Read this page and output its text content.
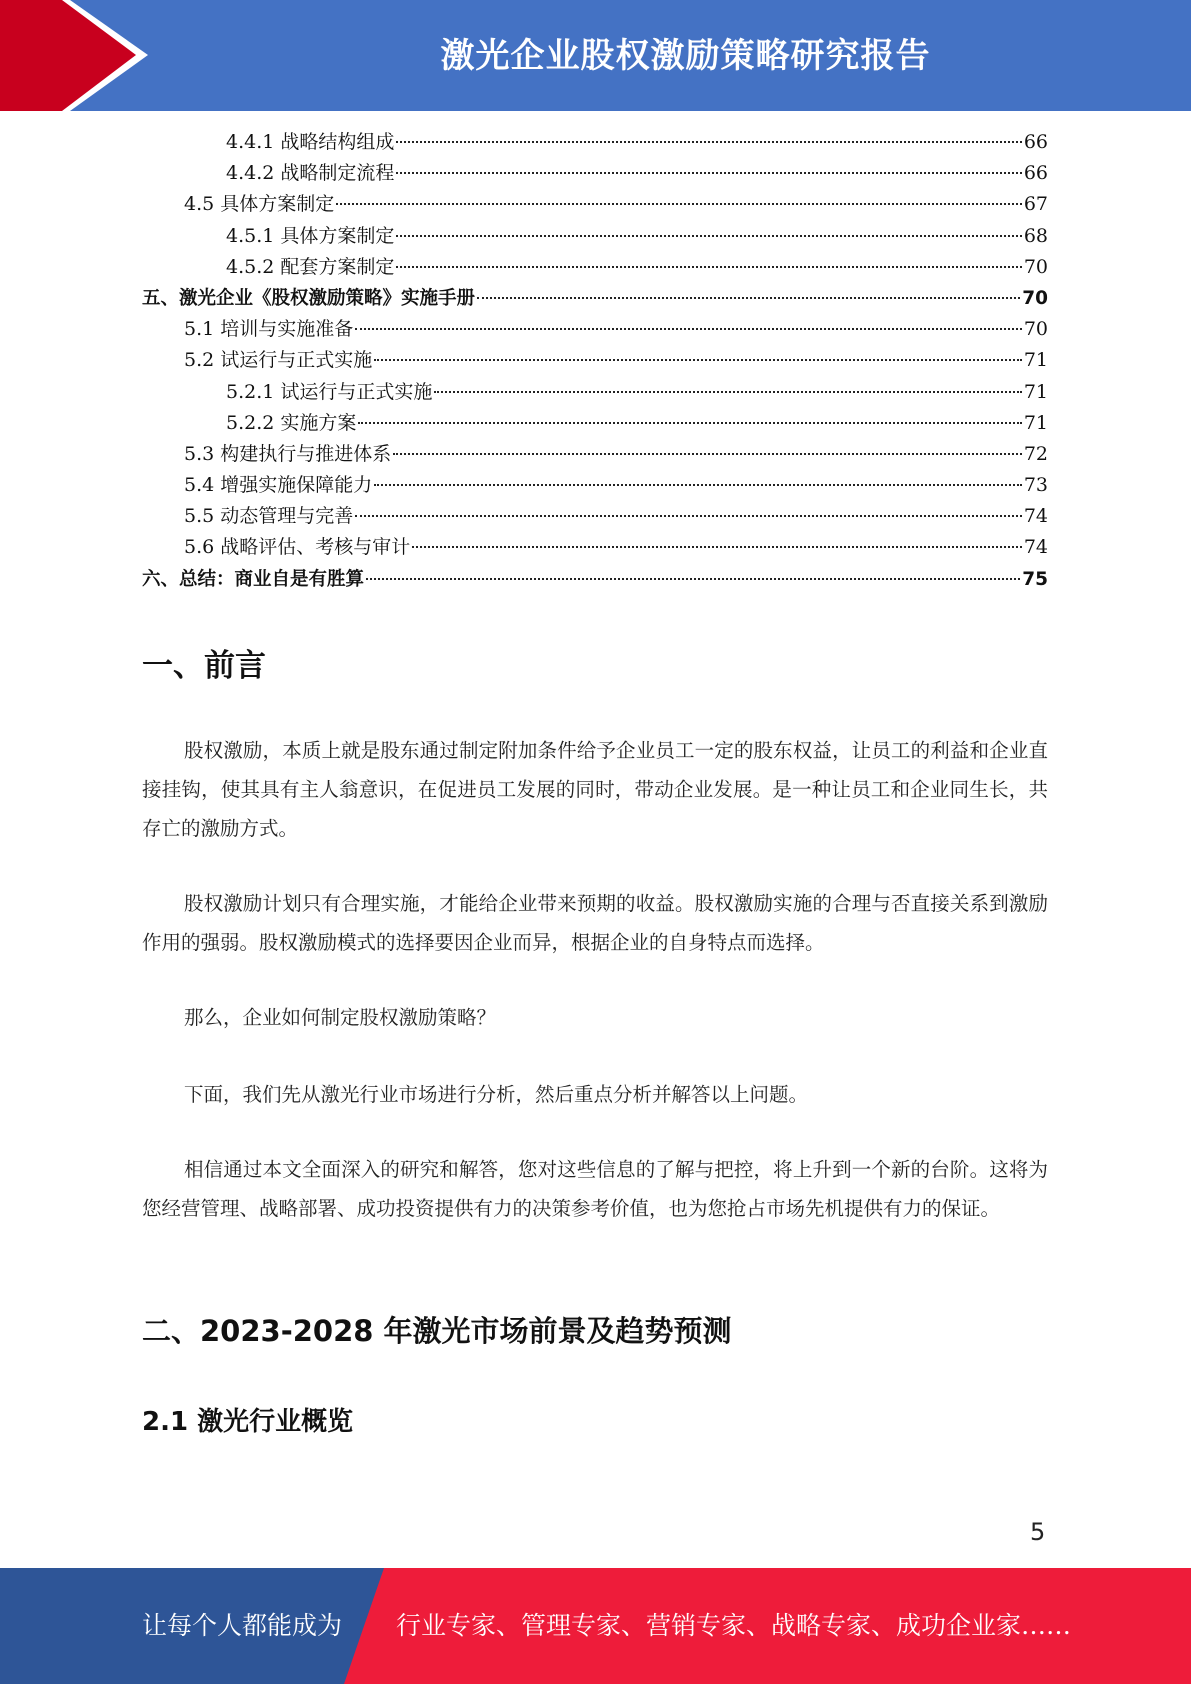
激光企业股权激励策略研究报告
4.4.1 战略结构组成	66
4.4.2 战略制定流程	66
4.5 具体方案制定	67
4.5.1 具体方案制定	68
4.5.2 配套方案制定	70
五、激光企业《股权激励策略》实施手册	70
5.1 培训与实施准备	70
5.2 试运行与正式实施	71
5.2.1 试运行与正式实施	71
5.2.2 实施方案	71
5.3 构建执行与推进体系	72
5.4 增强实施保障能力	73
5.5 动态管理与完善	74
5.6 战略评估、考核与审计	74
六、总结：商业自是有胜算	75
一、前言
股权激励，本质上就是股东通过制定附加条件给予企业员工一定的股东权益，让员工的利益和企业直接挂钩，使其具有主人翁意识，在促进员工发展的同时，带动企业发展。是一种让员工和企业同生长，共存亡的激励方式。
股权激励计划只有合理实施，才能给企业带来预期的收益。股权激励实施的合理与否直接关系到激励作用的强弱。股权激励模式的选择要因企业而异，根据企业的自身特点而选择。
那么，企业如何制定股权激励策略？
下面，我们先从激光行业市场进行分析，然后重点分析并解答以上问题。
相信通过本文全面深入的研究和解答，您对这些信息的了解与把控，将上升到一个新的台阶。这将为您经营管理、战略部署、成功投资提供有力的决策参考价值，也为您抢占市场先机提供有力的保证。
二、2023-2028 年激光市场前景及趋势预测
2.1 激光行业概览
5
让每个人都能成为 行业专家、管理专家、营销专家、战略专家、成功企业家……
